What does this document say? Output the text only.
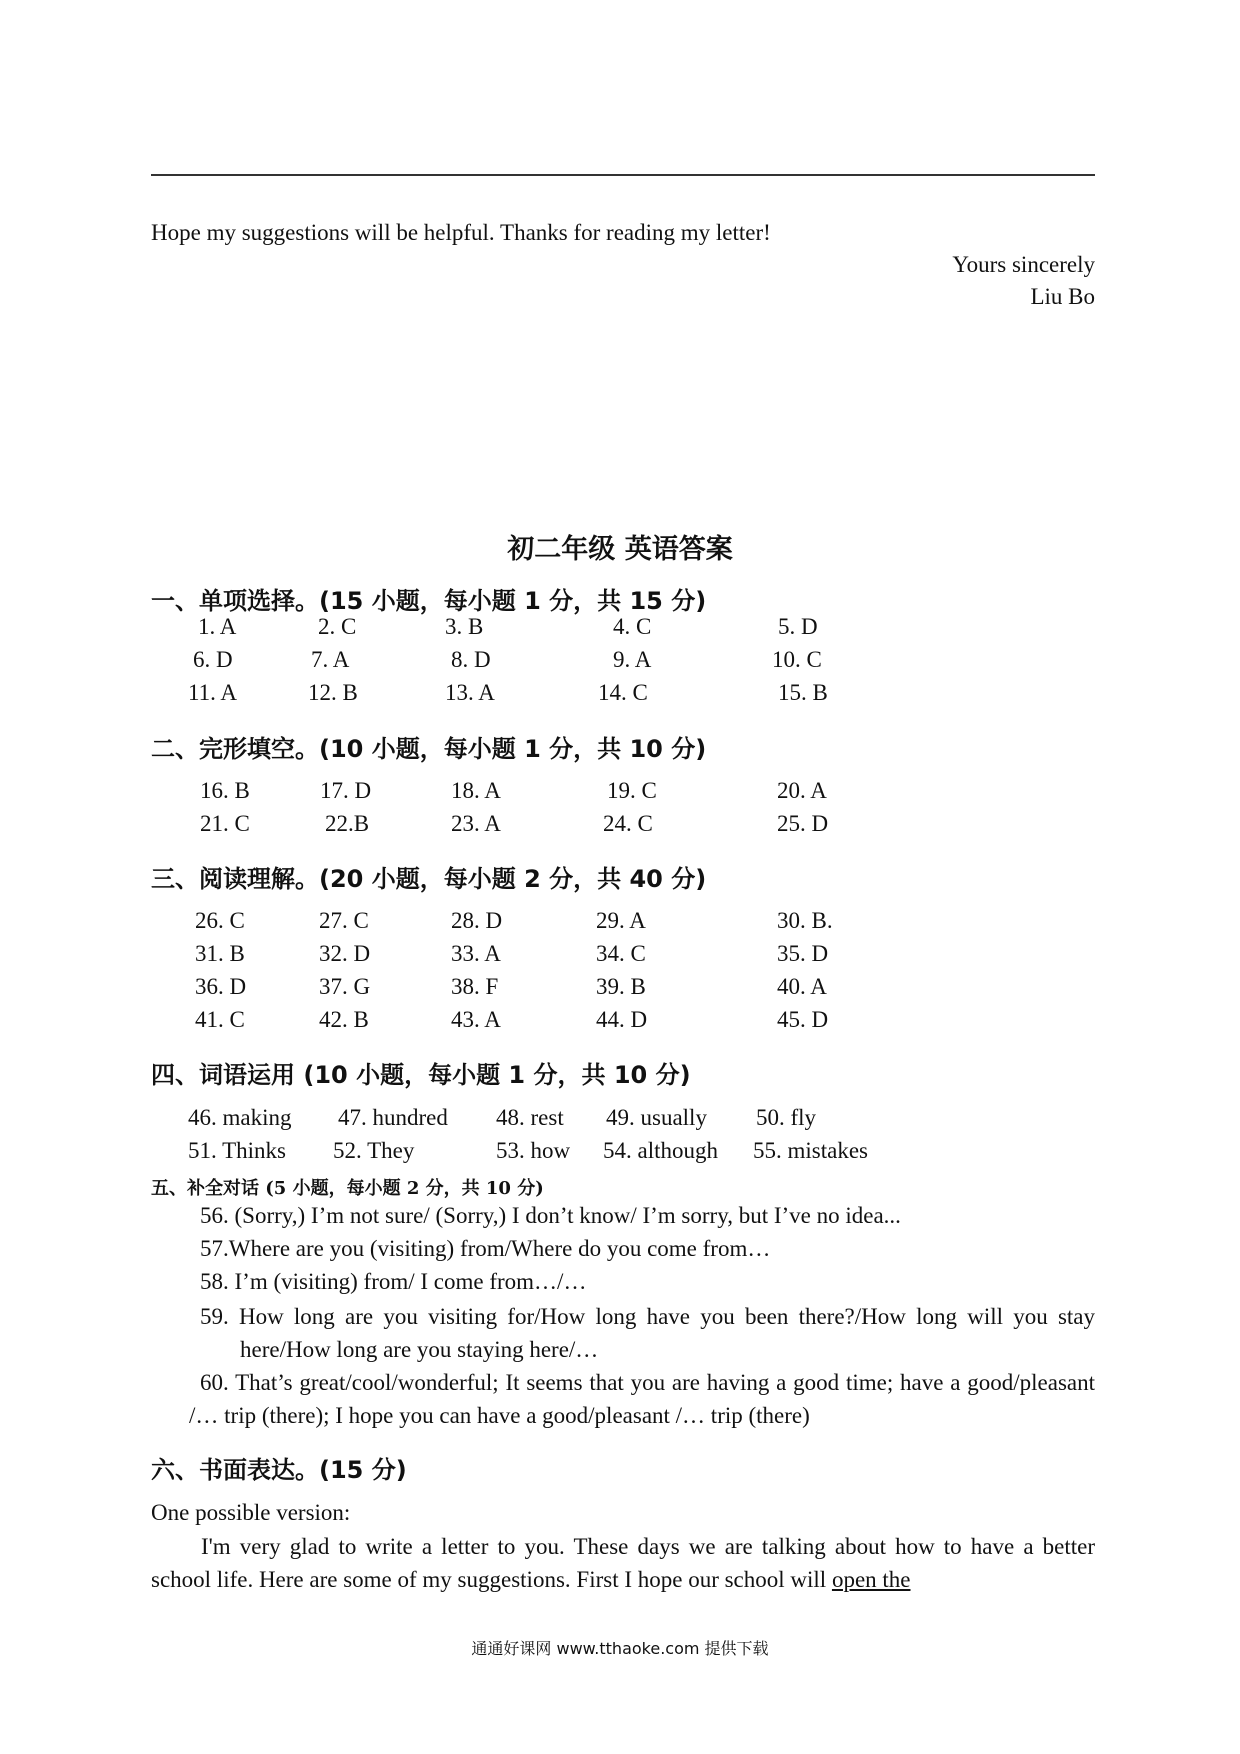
Hope my suggestions will be helpful. Thanks for reading my letter!
Yours sincerely
Liu Bo
初二年级 英语答案
一、单项选择。(15 小题，每小题 1 分，共 15 分)
1. A	2. C	3. B	4. C	5. D
6. D	7. A	8. D	9. A	10. C
11. A	12. B	13. A	14. C	15. B
二、完形填空。(10 小题，每小题 1 分，共 10 分)
16. B	17. D	18. A	19. C	20. A
21. C	22.B	23. A	24. C	25. D
三、阅读理解。(20 小题，每小题 2 分，共 40 分)
26. C	27. C	28. D	29. A	30. B.
31. B	32. D	33. A	34. C	35. D
36. D	37. G	38. F	39. B	40. A
41. C	42. B	43. A	44. D	45. D
四、词语运用 (10 小题，每小题 1 分，共 10 分)
46. making 47. hundred 48. rest 49. usually 50. fly
51. Thinks 52. They	53. how 54. although 55. mistakes
五、补全对话 (5 小题，每小题 2 分，共 10 分)
56. (Sorry,) I’m not sure/ (Sorry,) I don’t know/ I’m sorry, but I’ve no idea...
57.Where are you (visiting) from/Where do you come from…
58. I’m (visiting) from/ I come from…/…
59. How long are you visiting for/How long have you been there?/How long will you stay here/How long are you staying here/…
60. That’s great/cool/wonderful; It seems that you are having a good time; have a good/pleasant /… trip (there); I hope you can have a good/pleasant /… trip (there)
六、书面表达。(15 分)
One possible version:
I'm very glad to write a letter to you. These days we are talking about how to have a better school life. Here are some of my suggestions. First I hope our school will open the
通通好课网 www.tthaoke.com 提供下载
